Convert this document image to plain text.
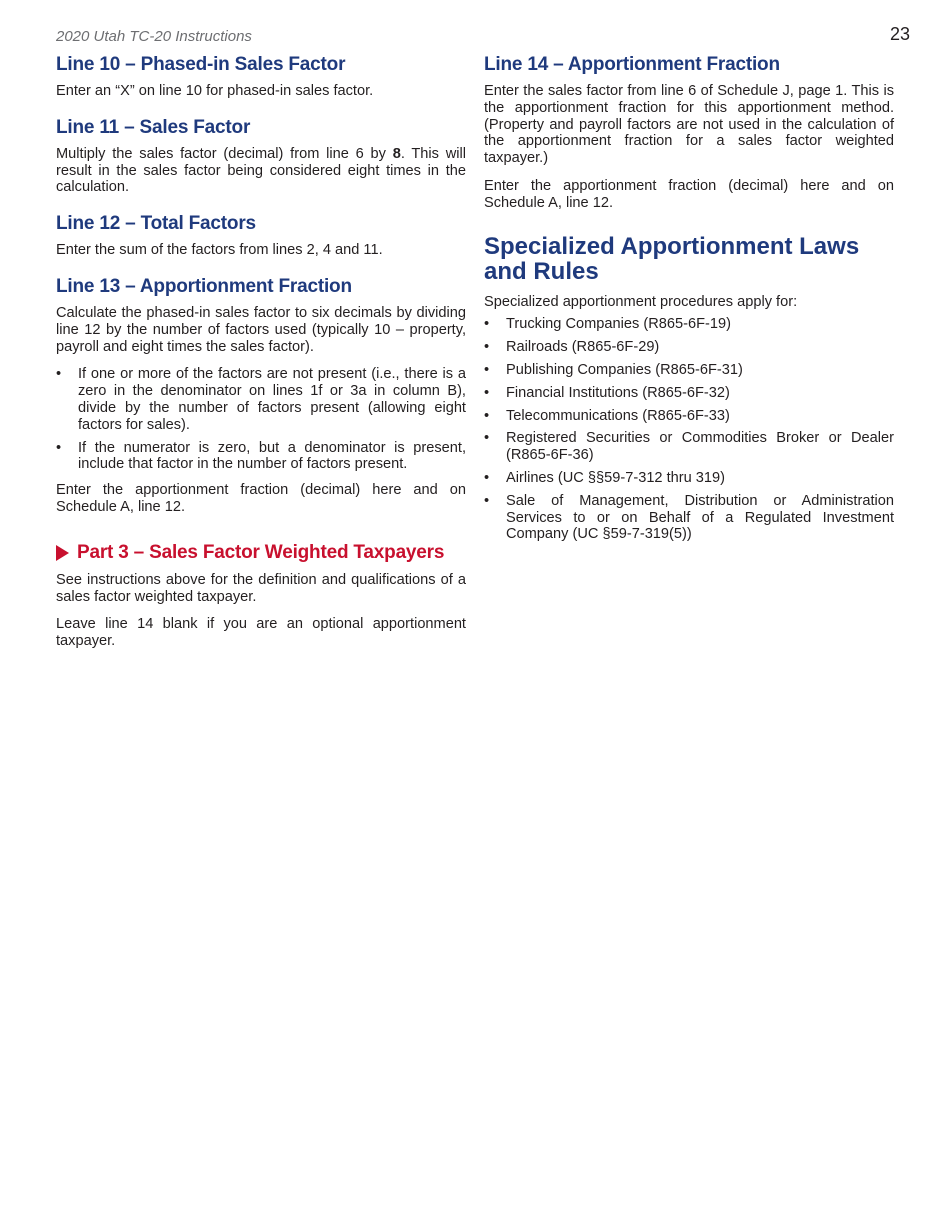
2020 Utah TC-20 Instructions	23
Line 10 – Phased-in Sales Factor

Enter an “X” on line 10 for phased-in sales factor.

Line 11 – Sales Factor

Multiply the sales factor (decimal) from line 6 by 8. This will result in the sales factor being considered eight times in the calculation.

Line 12 – Total Factors

Enter the sum of the factors from lines 2, 4 and 11.

Line 13 – Apportionment Fraction

Calculate the phased-in sales factor to six decimals by dividing line 12 by the number of factors used (typically 10 – property, payroll and eight times the sales factor).

• If one or more of the factors are not present (i.e., there is a zero in the denominator on lines 1f or 3a in column B), divide by the number of factors present (allowing eight factors for sales).
• If the numerator is zero, but a denominator is present, include that factor in the number of factors present.

Enter the apportionment fraction (decimal) here and on Schedule A, line 12.

Part 3 – Sales Factor Weighted Taxpayers

See instructions above for the definition and qualifications of a sales factor weighted taxpayer.

Leave line 14 blank if you are an optional apportionment taxpayer.

Line 14 – Apportionment Fraction

Enter the sales factor from line 6 of Schedule J, page 1. This is the apportionment fraction for this apportionment method. (Property and payroll factors are not used in the calculation of the apportionment fraction for a sales factor weighted taxpayer.)

Enter the apportionment fraction (decimal) here and on Schedule A, line 12.

Specialized Apportionment Laws and Rules

Specialized apportionment procedures apply for:

• Trucking Companies (R865-6F-19)
• Railroads (R865-6F-29)
• Publishing Companies (R865-6F-31)
• Financial Institutions (R865-6F-32)
• Telecommunications (R865-6F-33)
• Registered Securities or Commodities Broker or Dealer (R865-6F-36)
• Airlines (UC §§59-7-312 thru 319)
• Sale of Management, Distribution or Administration Services to or on Behalf of a Regulated Investment Company (UC §59-7-319(5))
